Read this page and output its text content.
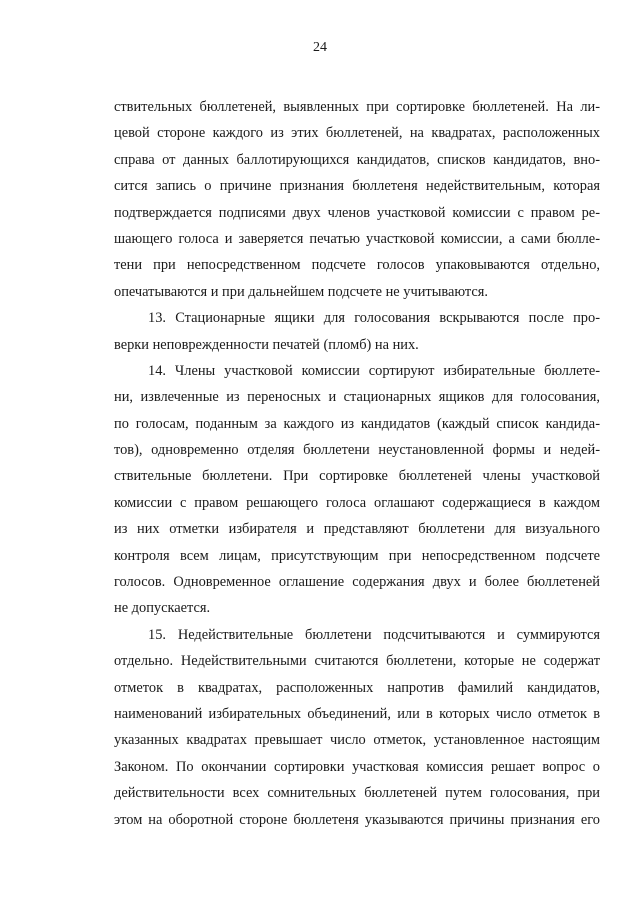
24
ствительных бюллетеней, выявленных при сортировке бюллетеней. На ли-
цевой стороне каждого из этих бюллетеней, на квадратах, расположенных
справа от данных баллотирующихся кандидатов, списков кандидатов, вно-
сится запись о причине признания бюллетеня недействительным, которая
подтверждается подписями двух членов участковой комиссии с правом ре-
шающего голоса и заверяется печатью участковой комиссии, а сами бюлле-
тени при непосредственном подсчете голосов упаковываются отдельно,
опечатываются и при дальнейшем подсчете не учитываются.
13. Стационарные ящики для голосования вскрываются после про-
верки неповрежденности печатей (пломб) на них.
14. Члены участковой комиссии сортируют избирательные бюллете-
ни, извлеченные из переносных и стационарных ящиков для голосования,
по голосам, поданным за каждого из кандидатов (каждый список кандида-
тов), одновременно отделяя бюллетени неустановленной формы и недей-
ствительные бюллетени. При сортировке бюллетеней члены участковой
комиссии с правом решающего голоса оглашают содержащиеся в каждом
из них отметки избирателя и представляют бюллетени для визуального
контроля всем лицам, присутствующим при непосредственном подсчете
голосов. Одновременное оглашение содержания двух и более бюллетеней
не допускается.
15. Недействительные бюллетени подсчитываются и суммируются
отдельно. Недействительными считаются бюллетени, которые не содержат
отметок в квадратах, расположенных напротив фамилий кандидатов,
наименований избирательных объединений, или в которых число отметок в
указанных квадратах превышает число отметок, установленное настоящим
Законом. По окончании сортировки участковая комиссия решает вопрос о
действительности всех сомнительных бюллетеней путем голосования, при
этом на оборотной стороне бюллетеня указываются причины признания его
